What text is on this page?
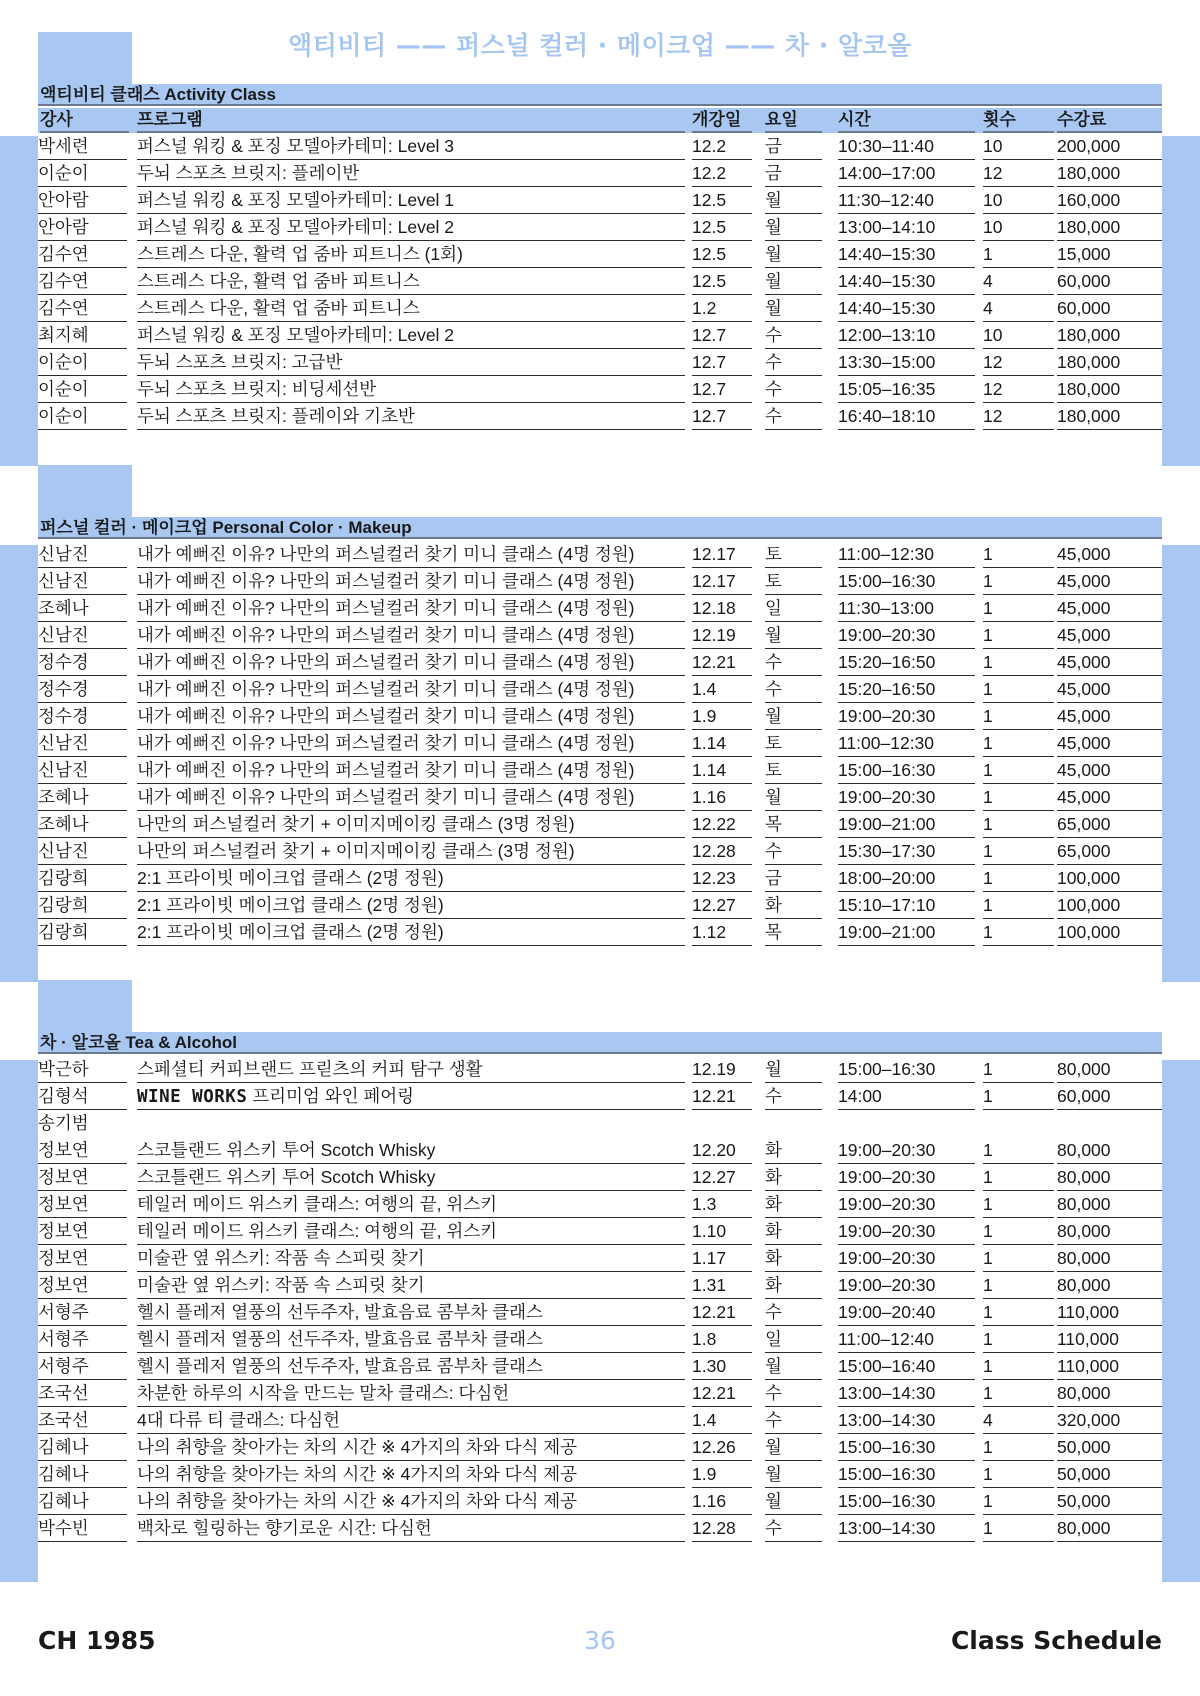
액티비티 —— 퍼스널 컬러 · 메이크업 —— 차 · 알코올
액티비티 클래스 Activity Class
강사	프로그램	개강일	요일	시간	횟수	수강료
박세련	퍼스널 워킹 & 포징 모델아카테미: Level 3	12.2	금	10:30–11:40	10	200,000
이순이	두뇌 스포츠 브릿지: 플레이반	12.2	금	14:00–17:00	12	180,000
안아람	퍼스널 워킹 & 포징 모델아카테미: Level 1	12.5	월	11:30–12:40	10	160,000
안아람	퍼스널 워킹 & 포징 모델아카테미: Level 2	12.5	월	13:00–14:10	10	180,000
김수연	스트레스 다운, 활력 업 줌바 피트니스 (1회)	12.5	월	14:40–15:30	1	15,000
김수연	스트레스 다운, 활력 업 줌바 피트니스	12.5	월	14:40–15:30	4	60,000
김수연	스트레스 다운, 활력 업 줌바 피트니스	1.2	월	14:40–15:30	4	60,000
최지혜	퍼스널 워킹 & 포징 모델아카테미: Level 2	12.7	수	12:00–13:10	10	180,000
이순이	두뇌 스포츠 브릿지: 고급반	12.7	수	13:30–15:00	12	180,000
이순이	두뇌 스포츠 브릿지: 비딩세션반	12.7	수	15:05–16:35	12	180,000
이순이	두뇌 스포츠 브릿지: 플레이와 기초반	12.7	수	16:40–18:10	12	180,000
퍼스널 컬러 · 메이크업 Personal Color · Makeup
신남진	내가 예뻐진 이유? 나만의 퍼스널컬러 찾기 미니 클래스 (4명 정원)	12.17	토	11:00–12:30	1	45,000
신남진	내가 예뻐진 이유? 나만의 퍼스널컬러 찾기 미니 클래스 (4명 정원)	12.17	토	15:00–16:30	1	45,000
조혜나	내가 예뻐진 이유? 나만의 퍼스널컬러 찾기 미니 클래스 (4명 정원)	12.18	일	11:30–13:00	1	45,000
신남진	내가 예뻐진 이유? 나만의 퍼스널컬러 찾기 미니 클래스 (4명 정원)	12.19	월	19:00–20:30	1	45,000
정수경	내가 예뻐진 이유? 나만의 퍼스널컬러 찾기 미니 클래스 (4명 정원)	12.21	수	15:20–16:50	1	45,000
정수경	내가 예뻐진 이유? 나만의 퍼스널컬러 찾기 미니 클래스 (4명 정원)	1.4	수	15:20–16:50	1	45,000
정수경	내가 예뻐진 이유? 나만의 퍼스널컬러 찾기 미니 클래스 (4명 정원)	1.9	월	19:00–20:30	1	45,000
신남진	내가 예뻐진 이유? 나만의 퍼스널컬러 찾기 미니 클래스 (4명 정원)	1.14	토	11:00–12:30	1	45,000
신남진	내가 예뻐진 이유? 나만의 퍼스널컬러 찾기 미니 클래스 (4명 정원)	1.14	토	15:00–16:30	1	45,000
조혜나	내가 예뻐진 이유? 나만의 퍼스널컬러 찾기 미니 클래스 (4명 정원)	1.16	월	19:00–20:30	1	45,000
조혜나	나만의 퍼스널컬러 찾기 + 이미지메이킹 클래스 (3명 정원)	12.22	목	19:00–21:00	1	65,000
신남진	나만의 퍼스널컬러 찾기 + 이미지메이킹 클래스 (3명 정원)	12.28	수	15:30–17:30	1	65,000
김랑희	2:1 프라이빗 메이크업 클래스 (2명 정원)	12.23	금	18:00–20:00	1	100,000
김랑희	2:1 프라이빗 메이크업 클래스 (2명 정원)	12.27	화	15:10–17:10	1	100,000
김랑희	2:1 프라이빗 메이크업 클래스 (2명 정원)	1.12	목	19:00–21:00	1	100,000
차 · 알코올 Tea & Alcohol
박근하	스페셜티 커피브랜드 프릳츠의 커피 탐구 생활	12.19	월	15:00–16:30	1	80,000
김형석	WINE WORKS 프리미엄 와인 페어링	12.21	수	14:00	1	60,000
송기범
정보연	스코틀랜드 위스키 투어 Scotch Whisky	12.20	화	19:00–20:30	1	80,000
정보연	스코틀랜드 위스키 투어 Scotch Whisky	12.27	화	19:00–20:30	1	80,000
정보연	테일러 메이드 위스키 클래스: 여행의 끝, 위스키	1.3	화	19:00–20:30	1	80,000
정보연	테일러 메이드 위스키 클래스: 여행의 끝, 위스키	1.10	화	19:00–20:30	1	80,000
정보연	미술관 옆 위스키: 작품 속 스피릿 찾기	1.17	화	19:00–20:30	1	80,000
정보연	미술관 옆 위스키: 작품 속 스피릿 찾기	1.31	화	19:00–20:30	1	80,000
서형주	헬시 플레저 열풍의 선두주자, 발효음료 콤부차 클래스	12.21	수	19:00–20:40	1	110,000
서형주	헬시 플레저 열풍의 선두주자, 발효음료 콤부차 클래스	1.8	일	11:00–12:40	1	110,000
서형주	헬시 플레저 열풍의 선두주자, 발효음료 콤부차 클래스	1.30	월	15:00–16:40	1	110,000
조국선	차분한 하루의 시작을 만드는 말차 클래스: 다심헌	12.21	수	13:00–14:30	1	80,000
조국선	4대 다류 티 클래스: 다심헌	1.4	수	13:00–14:30	4	320,000
김혜나	나의 취향을 찾아가는 차의 시간 ※ 4가지의 차와 다식 제공	12.26	월	15:00–16:30	1	50,000
김혜나	나의 취향을 찾아가는 차의 시간 ※ 4가지의 차와 다식 제공	1.9	월	15:00–16:30	1	50,000
김혜나	나의 취향을 찾아가는 차의 시간 ※ 4가지의 차와 다식 제공	1.16	월	15:00–16:30	1	50,000
박수빈	백차로 힐링하는 향기로운 시간: 다심헌	12.28	수	13:00–14:30	1	80,000
CH 1985	36	Class Schedule
